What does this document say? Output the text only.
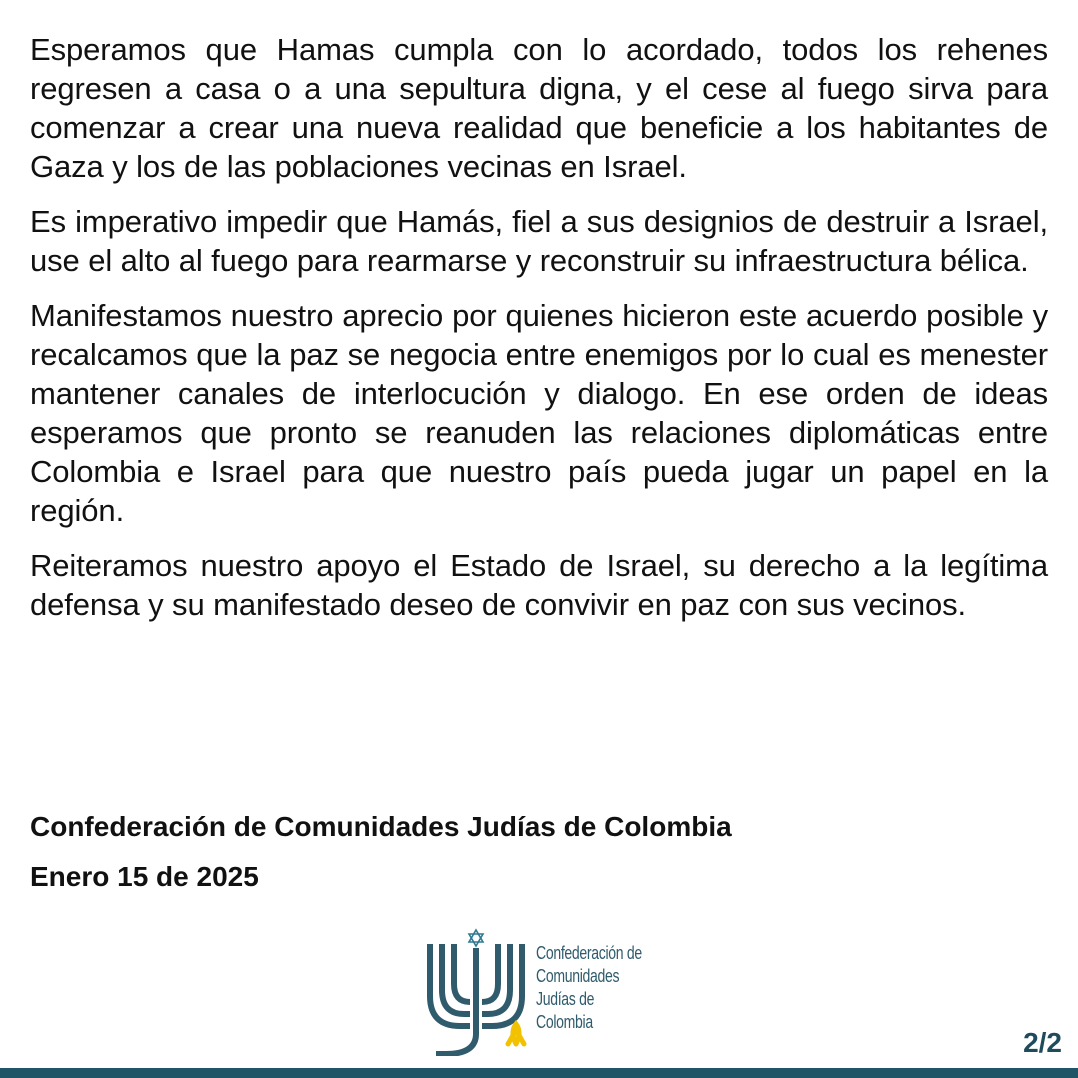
Esperamos que Hamas cumpla con lo acordado, todos los rehenes regresen a casa o a una sepultura digna, y el cese al fuego sirva para comenzar a crear una nueva realidad que beneficie a los habitantes de Gaza y los de las poblaciones vecinas en Israel.

Es imperativo impedir que Hamás, fiel a sus designios de destruir a Israel, use el alto al fuego para rearmarse y reconstruir su infraestructura bélica.

Manifestamos nuestro aprecio por quienes hicieron este acuerdo posible y recalcamos que la paz se negocia entre enemigos por lo cual es menester mantener canales de interlocución y dialogo. En ese orden de ideas esperamos que pronto se reanuden las relaciones diplomáticas entre Colombia e Israel para que nuestro país pueda jugar un papel en la región.

Reiteramos nuestro apoyo el Estado de Israel, su derecho a la legítima defensa y su manifestado deseo de convivir en paz con sus vecinos.

Confederación de Comunidades Judías de Colombia
Enero 15 de 2025
Confederación de
Comunidades
Judías de
Colombia
2/2
